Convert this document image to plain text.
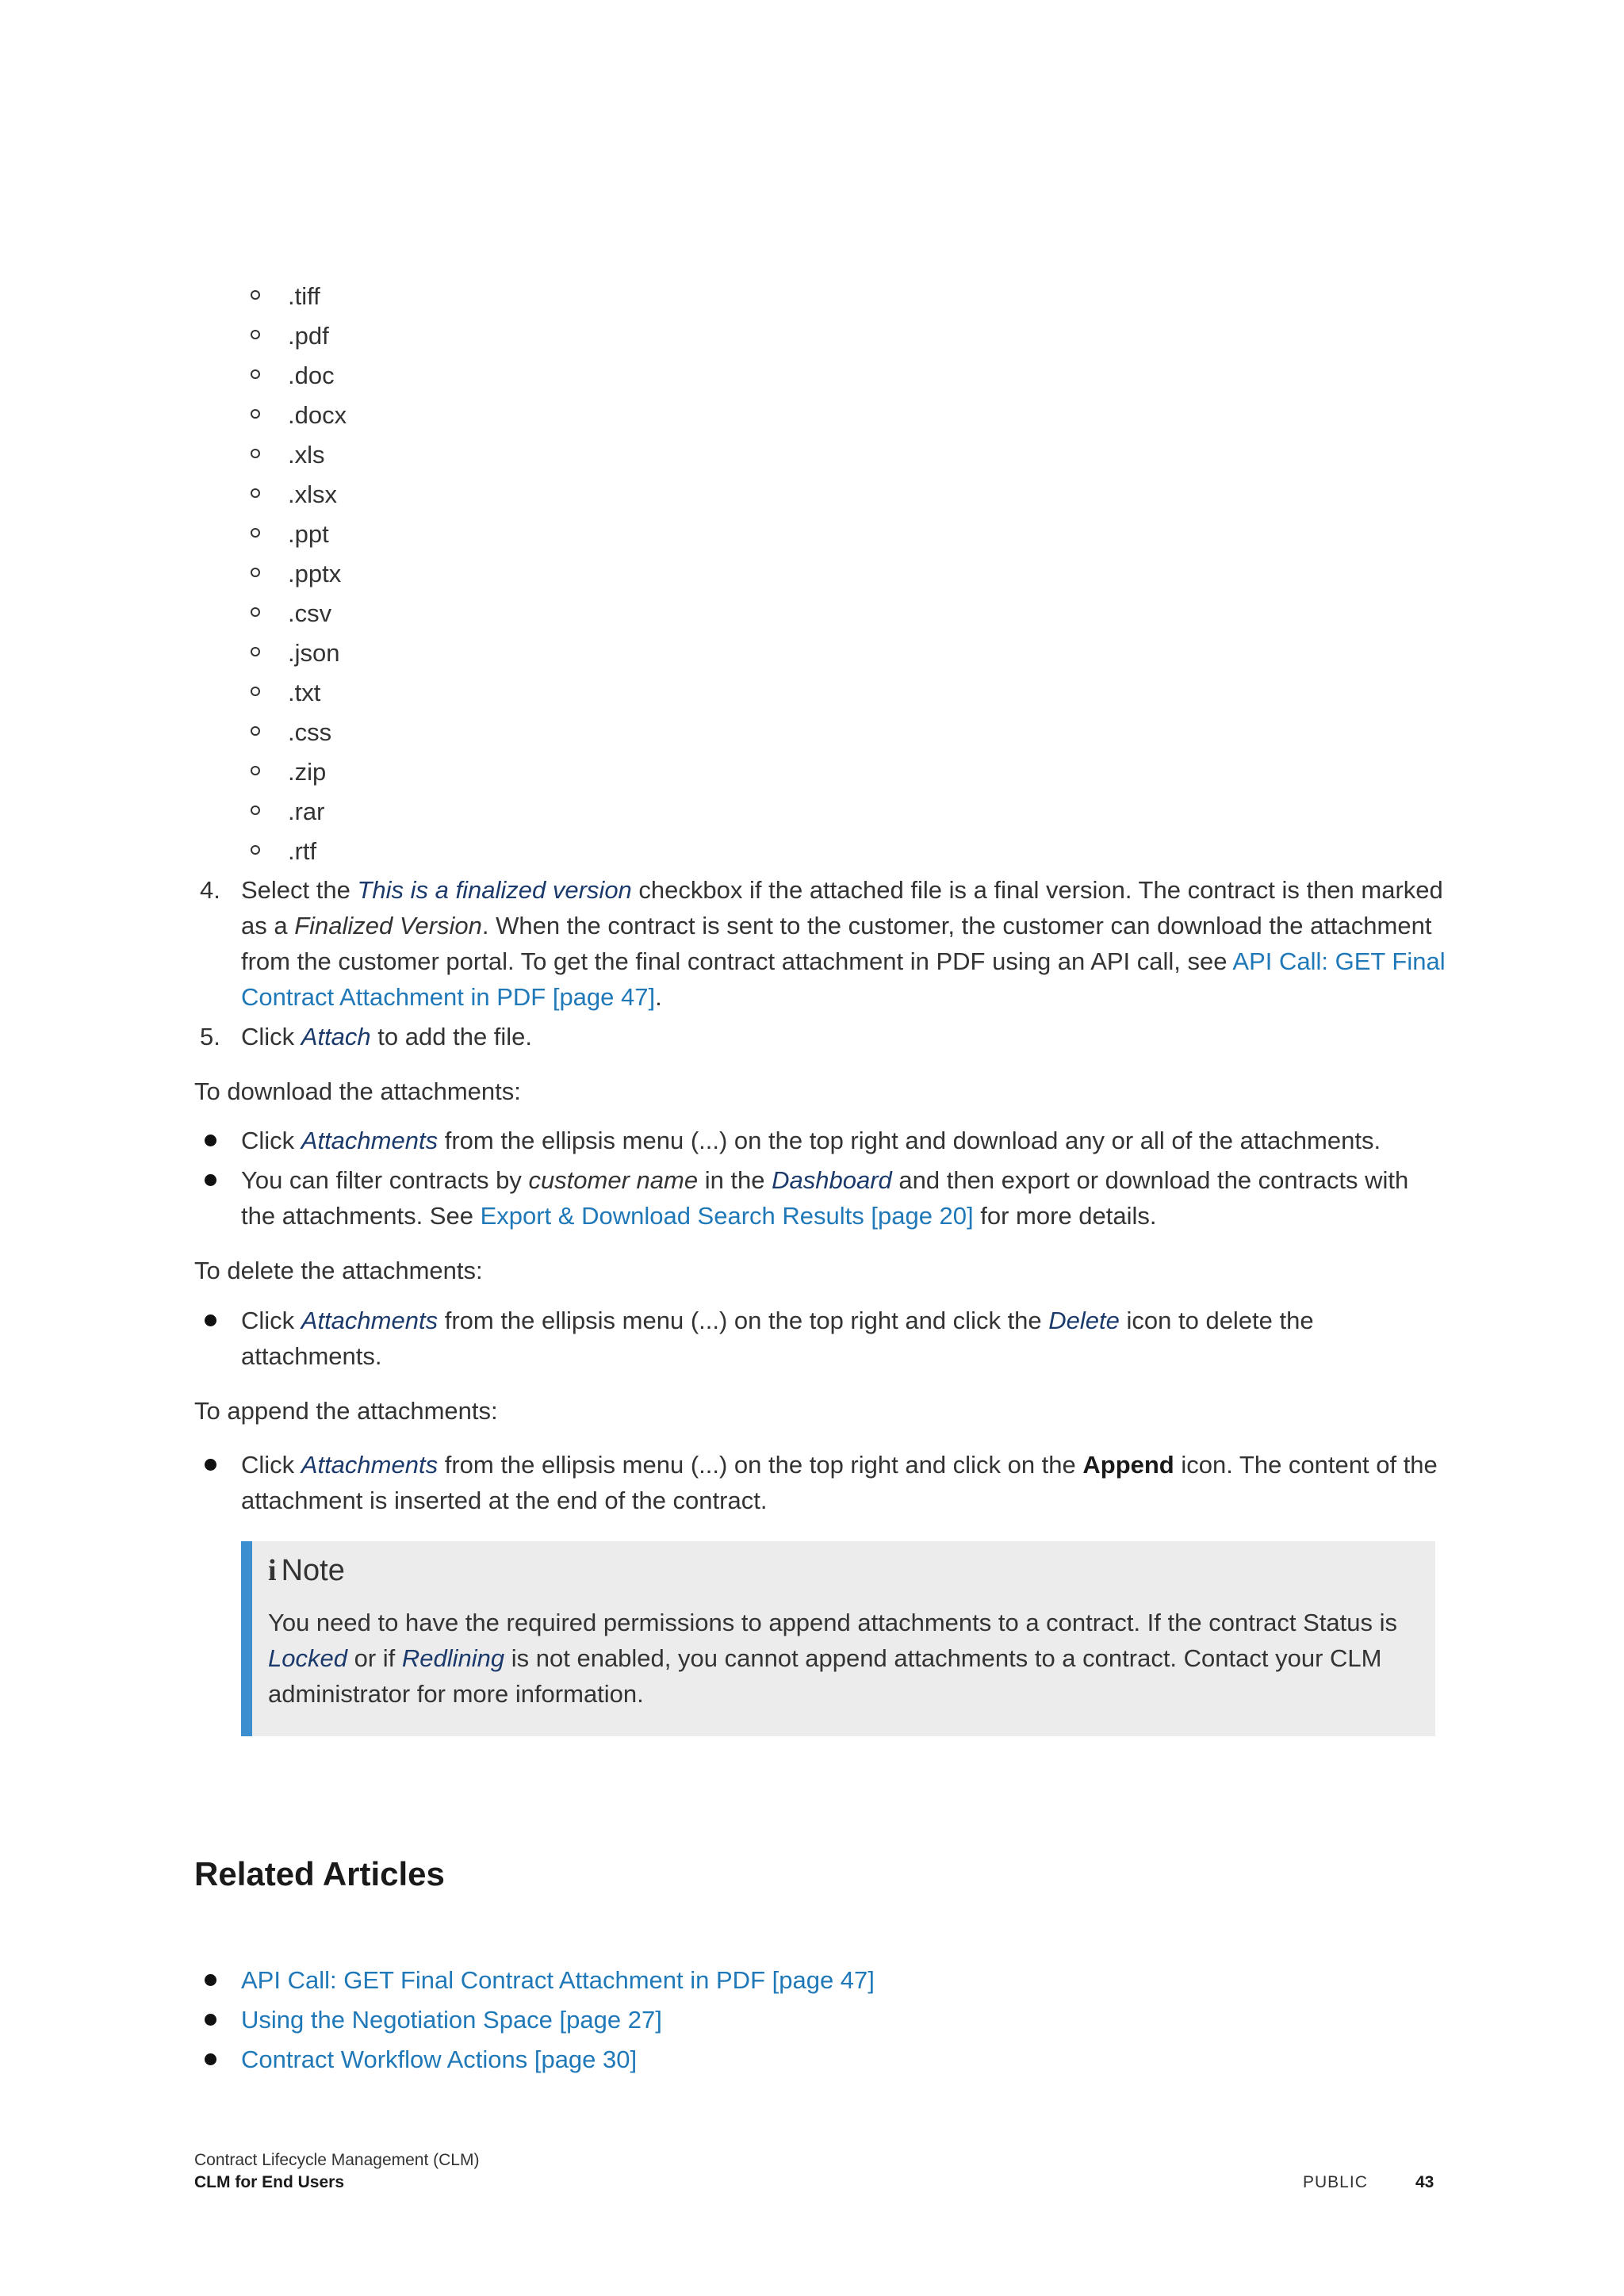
.tiff
.pdf
.doc
.docx
.xls
.xlsx
.ppt
.pptx
.csv
.json
.txt
.css
.zip
.rar
.rtf
4. Select the This is a finalized version checkbox if the attached file is a final version. The contract is then marked as a Finalized Version. When the contract is sent to the customer, the customer can download the attachment from the customer portal. To get the final contract attachment in PDF using an API call, see API Call: GET Final Contract Attachment in PDF [page 47].
5. Click Attach to add the file.
To download the attachments:
Click Attachments from the ellipsis menu (...) on the top right and download any or all of the attachments.
You can filter contracts by customer name in the Dashboard and then export or download the contracts with the attachments. See Export & Download Search Results [page 20] for more details.
To delete the attachments:
Click Attachments from the ellipsis menu (...) on the top right and click the Delete icon to delete the attachments.
To append the attachments:
Click Attachments from the ellipsis menu (...) on the top right and click on the Append icon. The content of the attachment is inserted at the end of the contract.
i Note
You need to have the required permissions to append attachments to a contract. If the contract Status is Locked or if Redlining is not enabled, you cannot append attachments to a contract. Contact your CLM administrator for more information.
Related Articles
API Call: GET Final Contract Attachment in PDF [page 47]
Using the Negotiation Space [page 27]
Contract Workflow Actions [page 30]
Contract Lifecycle Management (CLM)
CLM for End Users	PUBLIC	43
